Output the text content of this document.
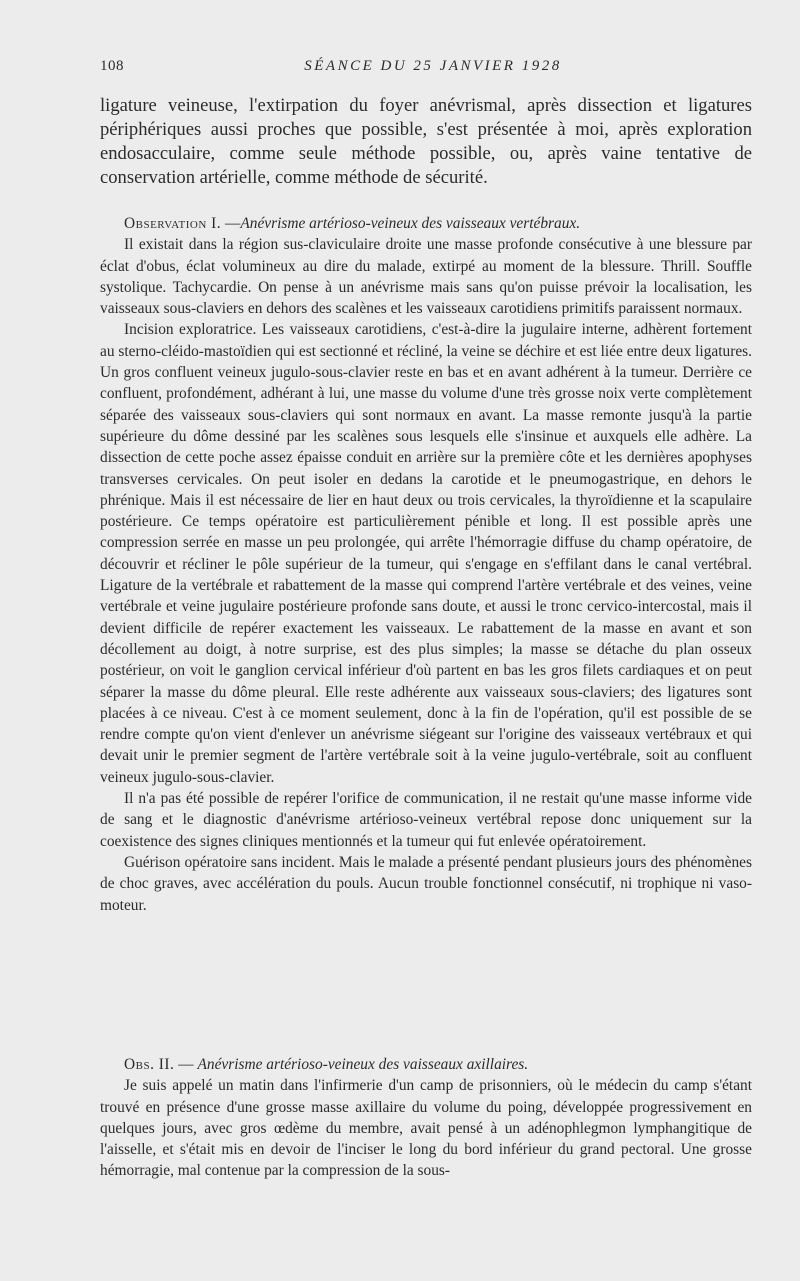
108	SÉANCE DU 25 JANVIER 1928

ligature veineuse, l'extirpation du foyer anévrismal, après dissection et ligatures périphériques aussi proches que possible, s'est présentée à moi, après exploration endosacculaire, comme seule méthode possible, ou, après vaine tentative de conservation artérielle, comme méthode de sécurité.

Observation I. —Anévrisme artérioso-veineux des vaisseaux vertébraux.

Il existait dans la région sus-claviculaire droite une masse profonde consécutive à une blessure par éclat d'obus, éclat volumineux au dire du malade, extirpé au moment de la blessure. Thrill. Souffle systolique. Tachycardie. On pense à un anévrisme mais sans qu'on puisse prévoir la localisation, les vaisseaux sous-claviers en dehors des scalènes et les vaisseaux carotidiens primitifs paraissent normaux.

Incision exploratrice. Les vaisseaux carotidiens, c'est-à-dire la jugulaire interne, adhèrent fortement au sterno-cléido-mastoïdien qui est sectionné et récliné, la veine se déchire et est liée entre deux ligatures. Un gros confluent veineux jugulo-sous-clavier reste en bas et en avant adhérent à la tumeur. Derrière ce confluent, profondément, adhérant à lui, une masse du volume d'une très grosse noix verte complètement séparée des vaisseaux sous-claviers qui sont normaux en avant. La masse remonte jusqu'à la partie supérieure du dôme dessiné par les scalènes sous lesquels elle s'insinue et auxquels elle adhère. La dissection de cette poche assez épaisse conduit en arrière sur la première côte et les dernières apophyses transverses cervicales. On peut isoler en dedans la carotide et le pneumogastrique, en dehors le phrénique. Mais il est nécessaire de lier en haut deux ou trois cervicales, la thyroïdienne et la scapulaire postérieure. Ce temps opératoire est particulièrement pénible et long. Il est possible après une compression serrée en masse un peu prolongée, qui arrête l'hémorragie diffuse du champ opératoire, de découvrir et récliner le pôle supérieur de la tumeur, qui s'engage en s'effilant dans le canal vertébral. Ligature de la vertébrale et rabattement de la masse qui comprend l'artère vertébrale et des veines, veine vertébrale et veine jugulaire postérieure profonde sans doute, et aussi le tronc cervico-intercostal, mais il devient difficile de repérer exactement les vaisseaux. Le rabattement de la masse en avant et son décollement au doigt, à notre surprise, est des plus simples; la masse se détache du plan osseux postérieur, on voit le ganglion cervical inférieur d'où partent en bas les gros filets cardiaques et on peut séparer la masse du dôme pleural. Elle reste adhérente aux vaisseaux sous-claviers; des ligatures sont placées à ce niveau. C'est à ce moment seulement, donc à la fin de l'opération, qu'il est possible de se rendre compte qu'on vient d'enlever un anévrisme siégeant sur l'origine des vaisseaux vertébraux et qui devait unir le premier segment de l'artère vertébrale soit à la veine jugulo-vertébrale, soit au confluent veineux jugulo-sous-clavier.

Il n'a pas été possible de repérer l'orifice de communication, il ne restait qu'une masse informe vide de sang et le diagnostic d'anévrisme artérioso-veineux vertébral repose donc uniquement sur la coexistence des signes cliniques mentionnés et la tumeur qui fut enlevée opératoirement.

Guérison opératoire sans incident. Mais le malade a présenté pendant plusieurs jours des phénomènes de choc graves, avec accélération du pouls. Aucun trouble fonctionnel consécutif, ni trophique ni vaso-moteur.

Obs. II. — Anévrisme artérioso-veineux des vaisseaux axillaires.

Je suis appelé un matin dans l'infirmerie d'un camp de prisonniers, où le médecin du camp s'étant trouvé en présence d'une grosse masse axillaire du volume du poing, développée progressivement en quelques jours, avec gros œdème du membre, avait pensé à un adénophlegmon lymphangitique de l'aisselle, et s'était mis en devoir de l'inciser le long du bord inférieur du grand pectoral. Une grosse hémorragie, mal contenue par la compression de la sous-
